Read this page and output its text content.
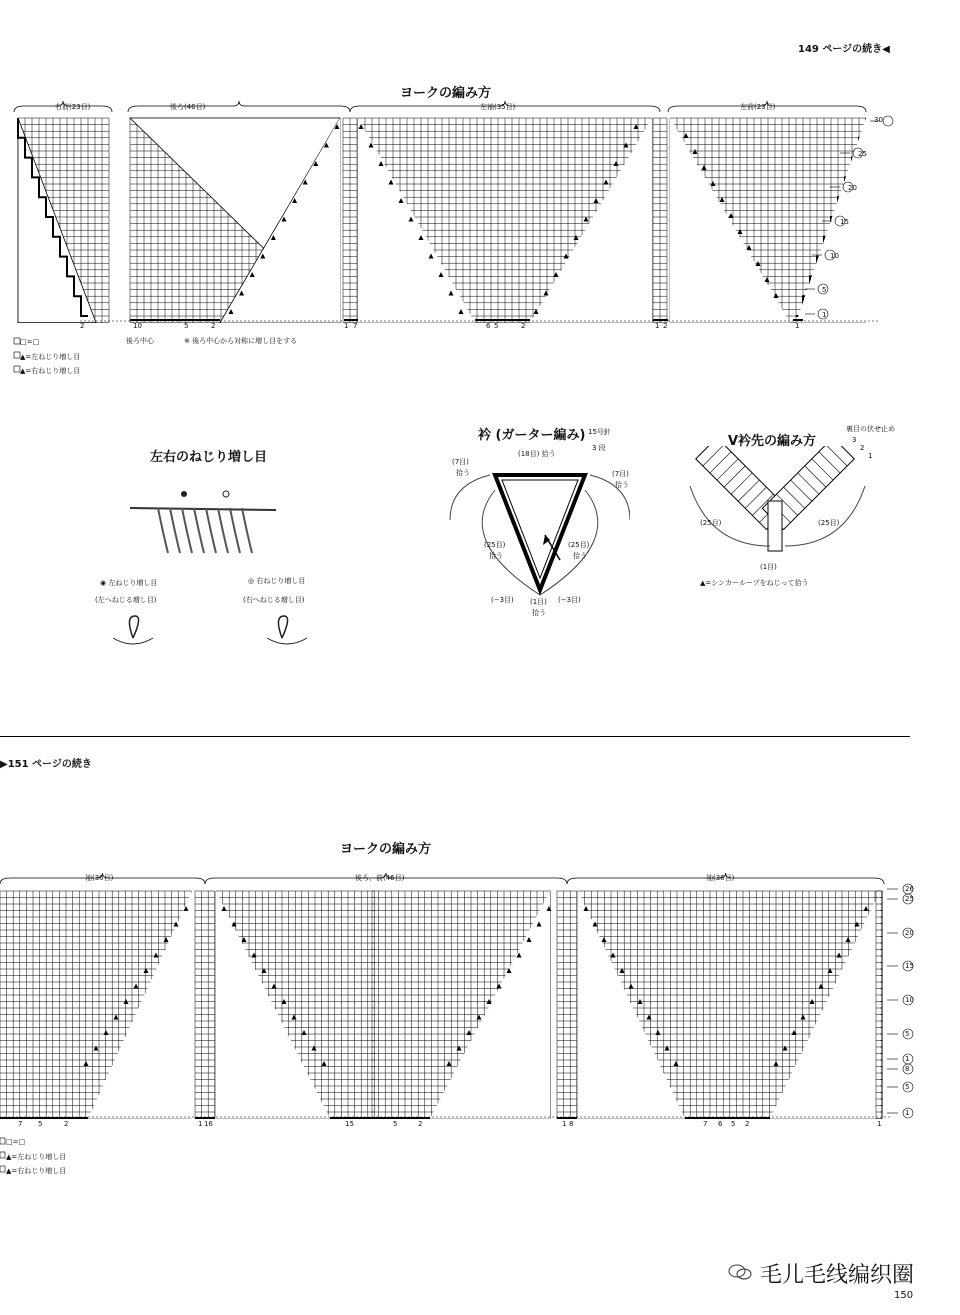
149 ページの続き◀
▶151 ページの続き
150
毛儿毛线编织圈
ヨークの編み方
右前(23目)	後ろ(46目)	左袖(35目)	左前(23目)
2	10	5	2	1 7	6 5	2	1 2	1
後ろ中心	※ 後ろ中心から対称に増し目をする
30
25
20
15
10
5
1
□=□
▲=左ねじり増し目
▲=右ねじり増し目
左右のねじり増し目
◉ 左ねじり増し目
(左へねじる増し目)
◎ 右ねじり増し目
(右へねじる増し目)
衿 (ガーター編み) 15号針
(18目) 拾う
3 段
(7目)
拾う	(7目)
拾う
(25目)
拾う
(25目)
拾う
(−3目)	(−3目)
(1目)
拾う
V衿先の編み方
裏目の伏せ止め
(25目)	(25目)
(1目)
3
2
1
▲=シンカーループをねじって拾う
ヨークの編み方
袖(36目)	後ろ、前(46目)	袖(36目)
7 5	2	1 16	15	5	2	1 8	7 6 5 2	1
26
25
20
15
10
5
1
8
5
1
□=□
▲=左ねじり増し目
▲=右ねじり増し目
